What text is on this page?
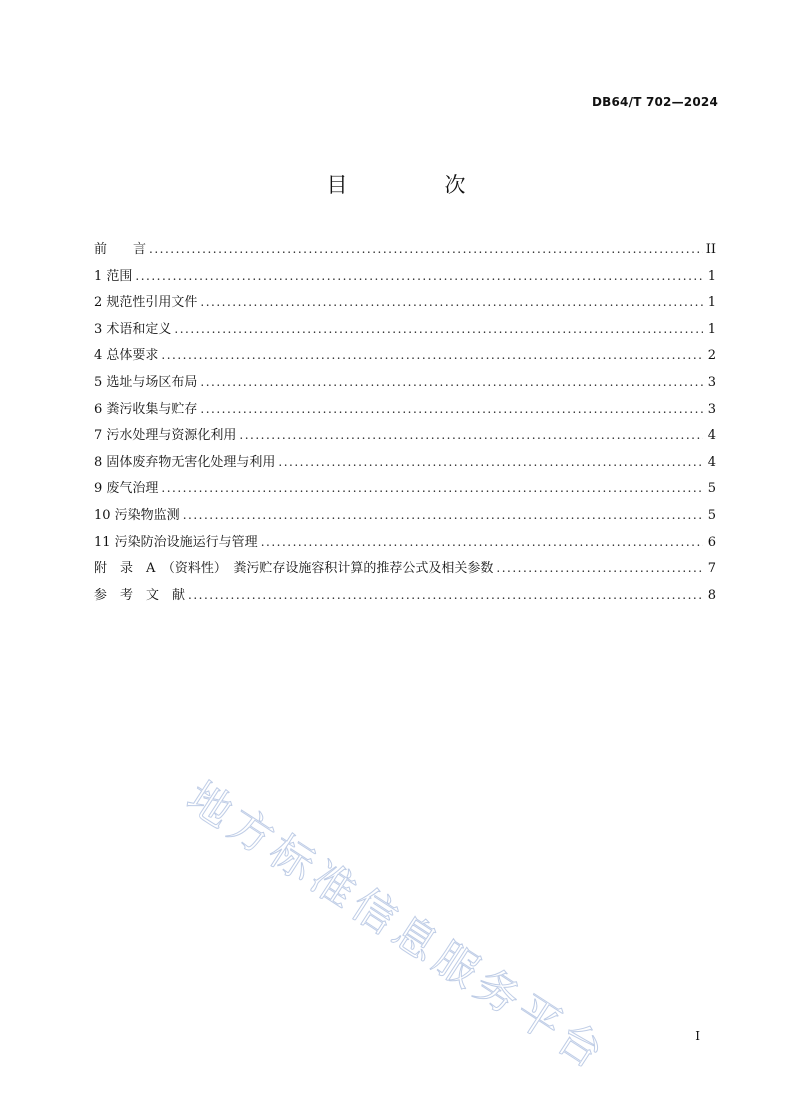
DB64/T 702—2024
目　次
前　　言 .....	II
1 范围 .....	1
2 规范性引用文件 .....	1
3 术语和定义 .....	1
4 总体要求 .....	2
5 选址与场区布局 .....	3
6 粪污收集与贮存 .....	3
7 污水处理与资源化利用 .....	4
8 固体废弃物无害化处理与利用 .....	4
9 废气治理 .....	5
10 污染物监测 .....	5
11 污染防治设施运行与管理 .....	6
附　录　A　（资料性）　粪污贮存设施容积计算的推荐公式及相关参数 .....	7
参　考　文　献 .....	8
地方标准信息服务平台	I
